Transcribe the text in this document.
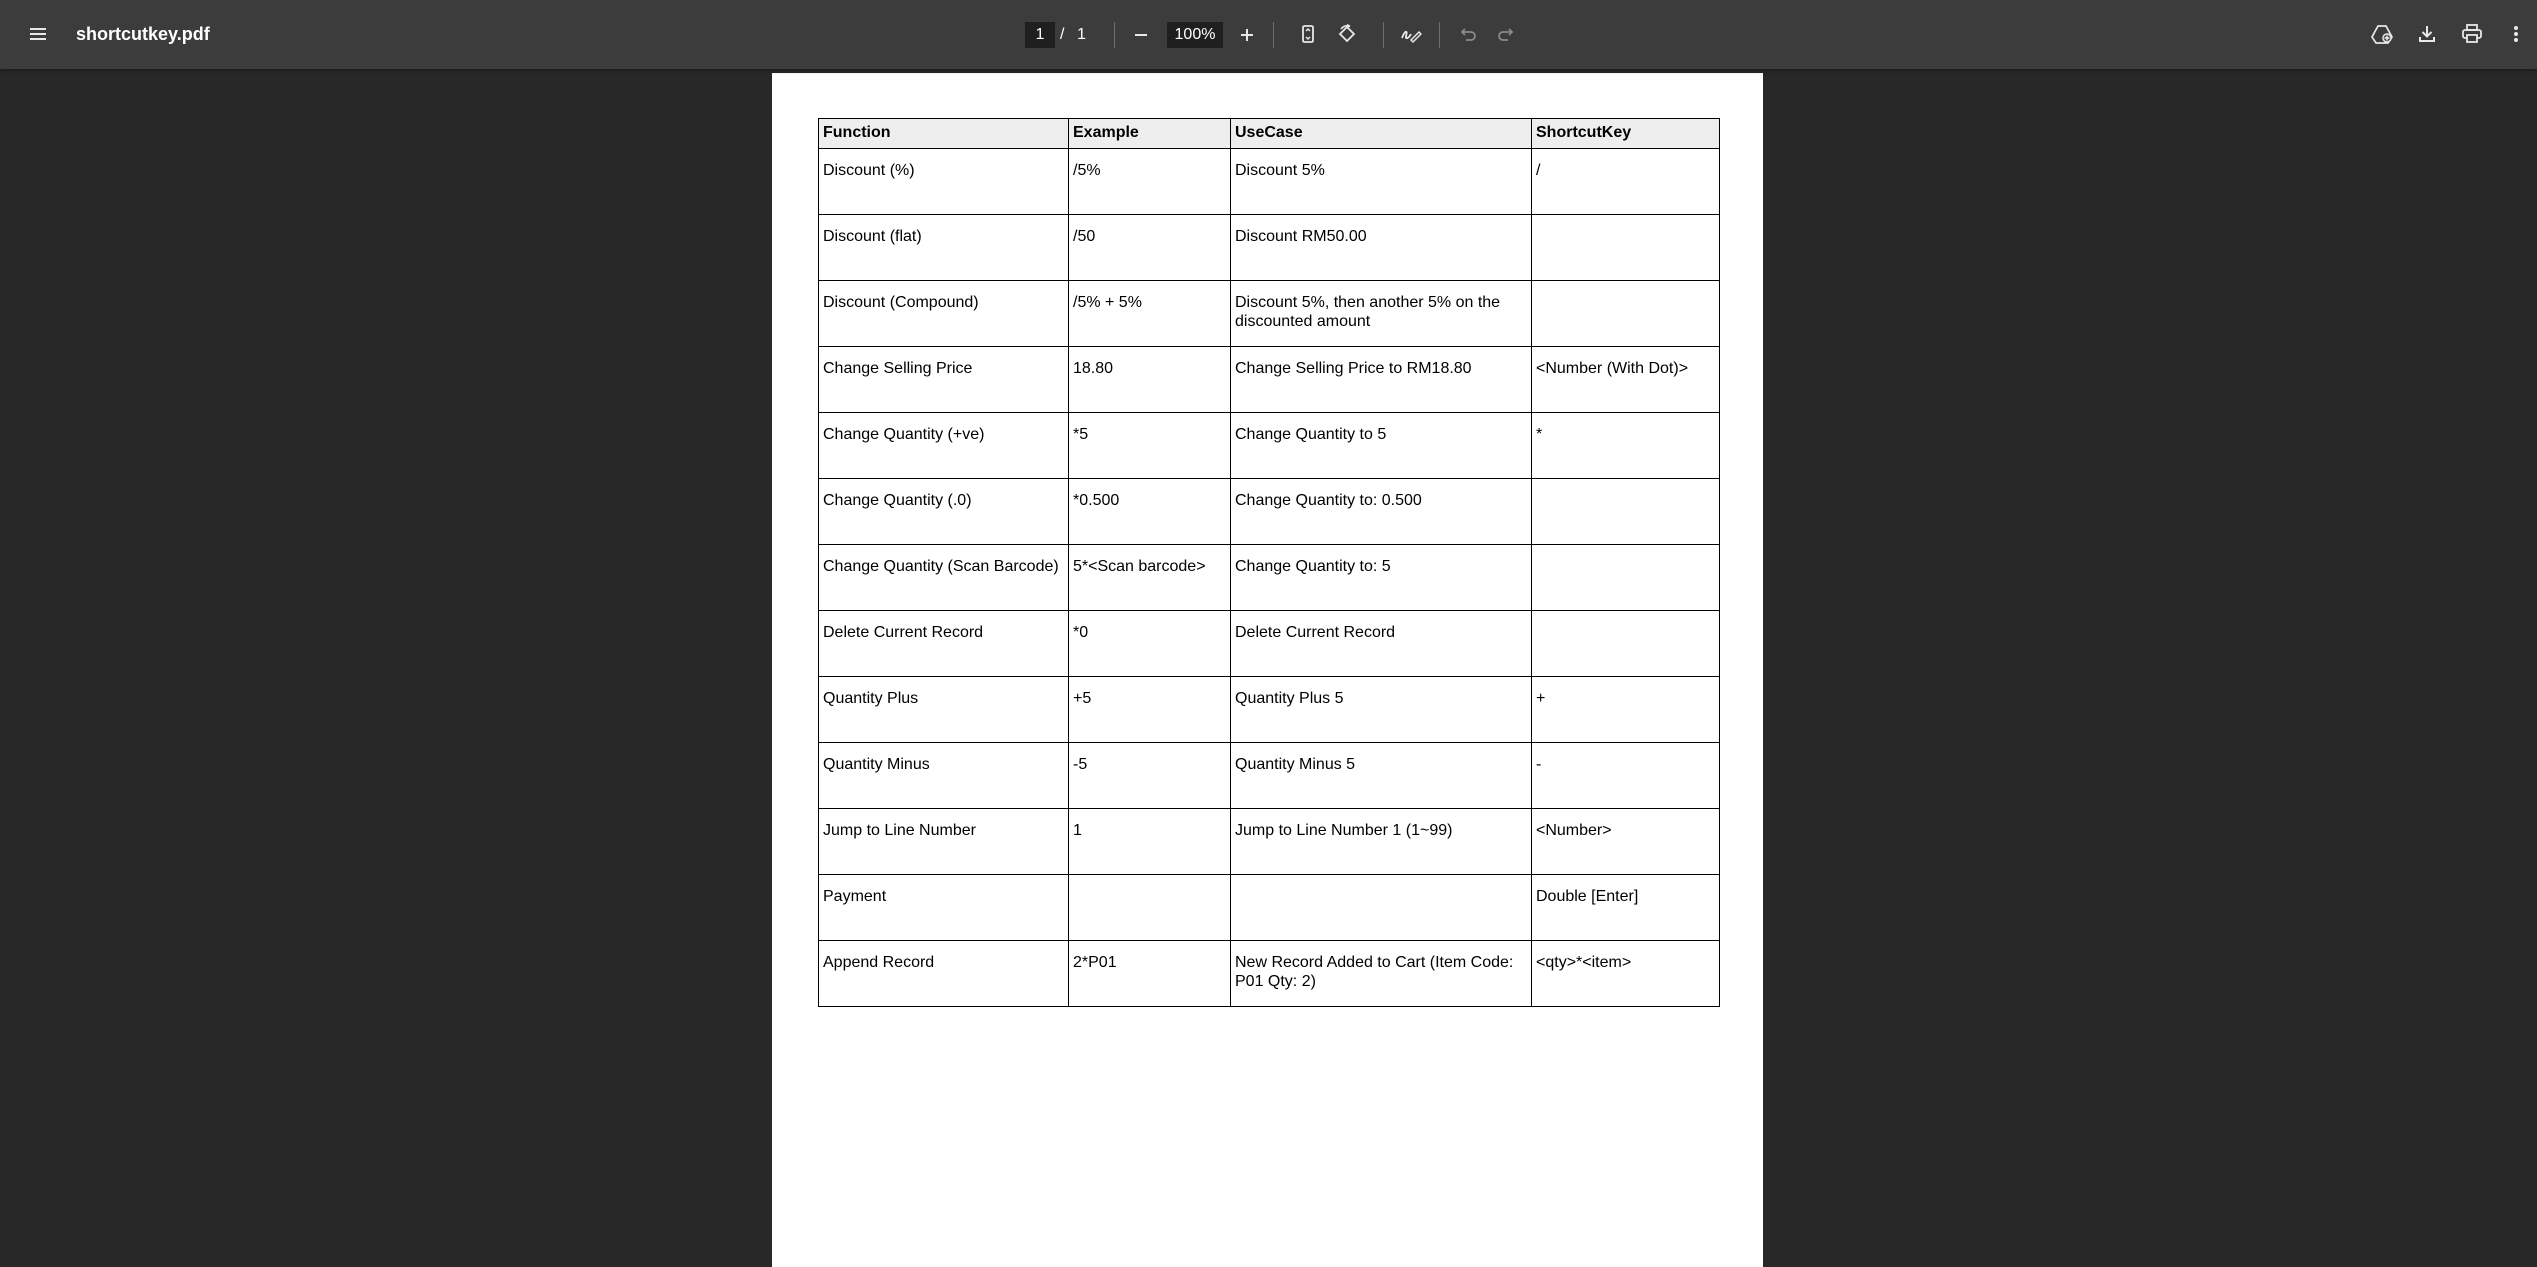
shortcutkey.pdf
1	/ 1
100%
Function	Example	UseCase	ShortcutKey
Discount (%)	/5%	Discount 5%	/
Discount (flat)	/50	Discount RM50.00	
Discount (Compound)	/5% + 5%	Discount 5%, then another 5% on the discounted amount	
Change Selling Price	18.80	Change Selling Price to RM18.80	<Number (With Dot)>
Change Quantity (+ve)	*5	Change Quantity to 5	*
Change Quantity (.0)	*0.500	Change Quantity to: 0.500	
Change Quantity (Scan Barcode)	5*<Scan barcode>	Change Quantity to: 5	
Delete Current Record	*0	Delete Current Record	
Quantity Plus	+5	Quantity Plus 5	+
Quantity Minus	-5	Quantity Minus 5	-
Jump to Line Number	1	Jump to Line Number 1 (1~99)	<Number>
Payment			Double [Enter]
Append Record	2*P01	New Record Added to Cart (Item Code: P01 Qty: 2)	<qty>*<item>
